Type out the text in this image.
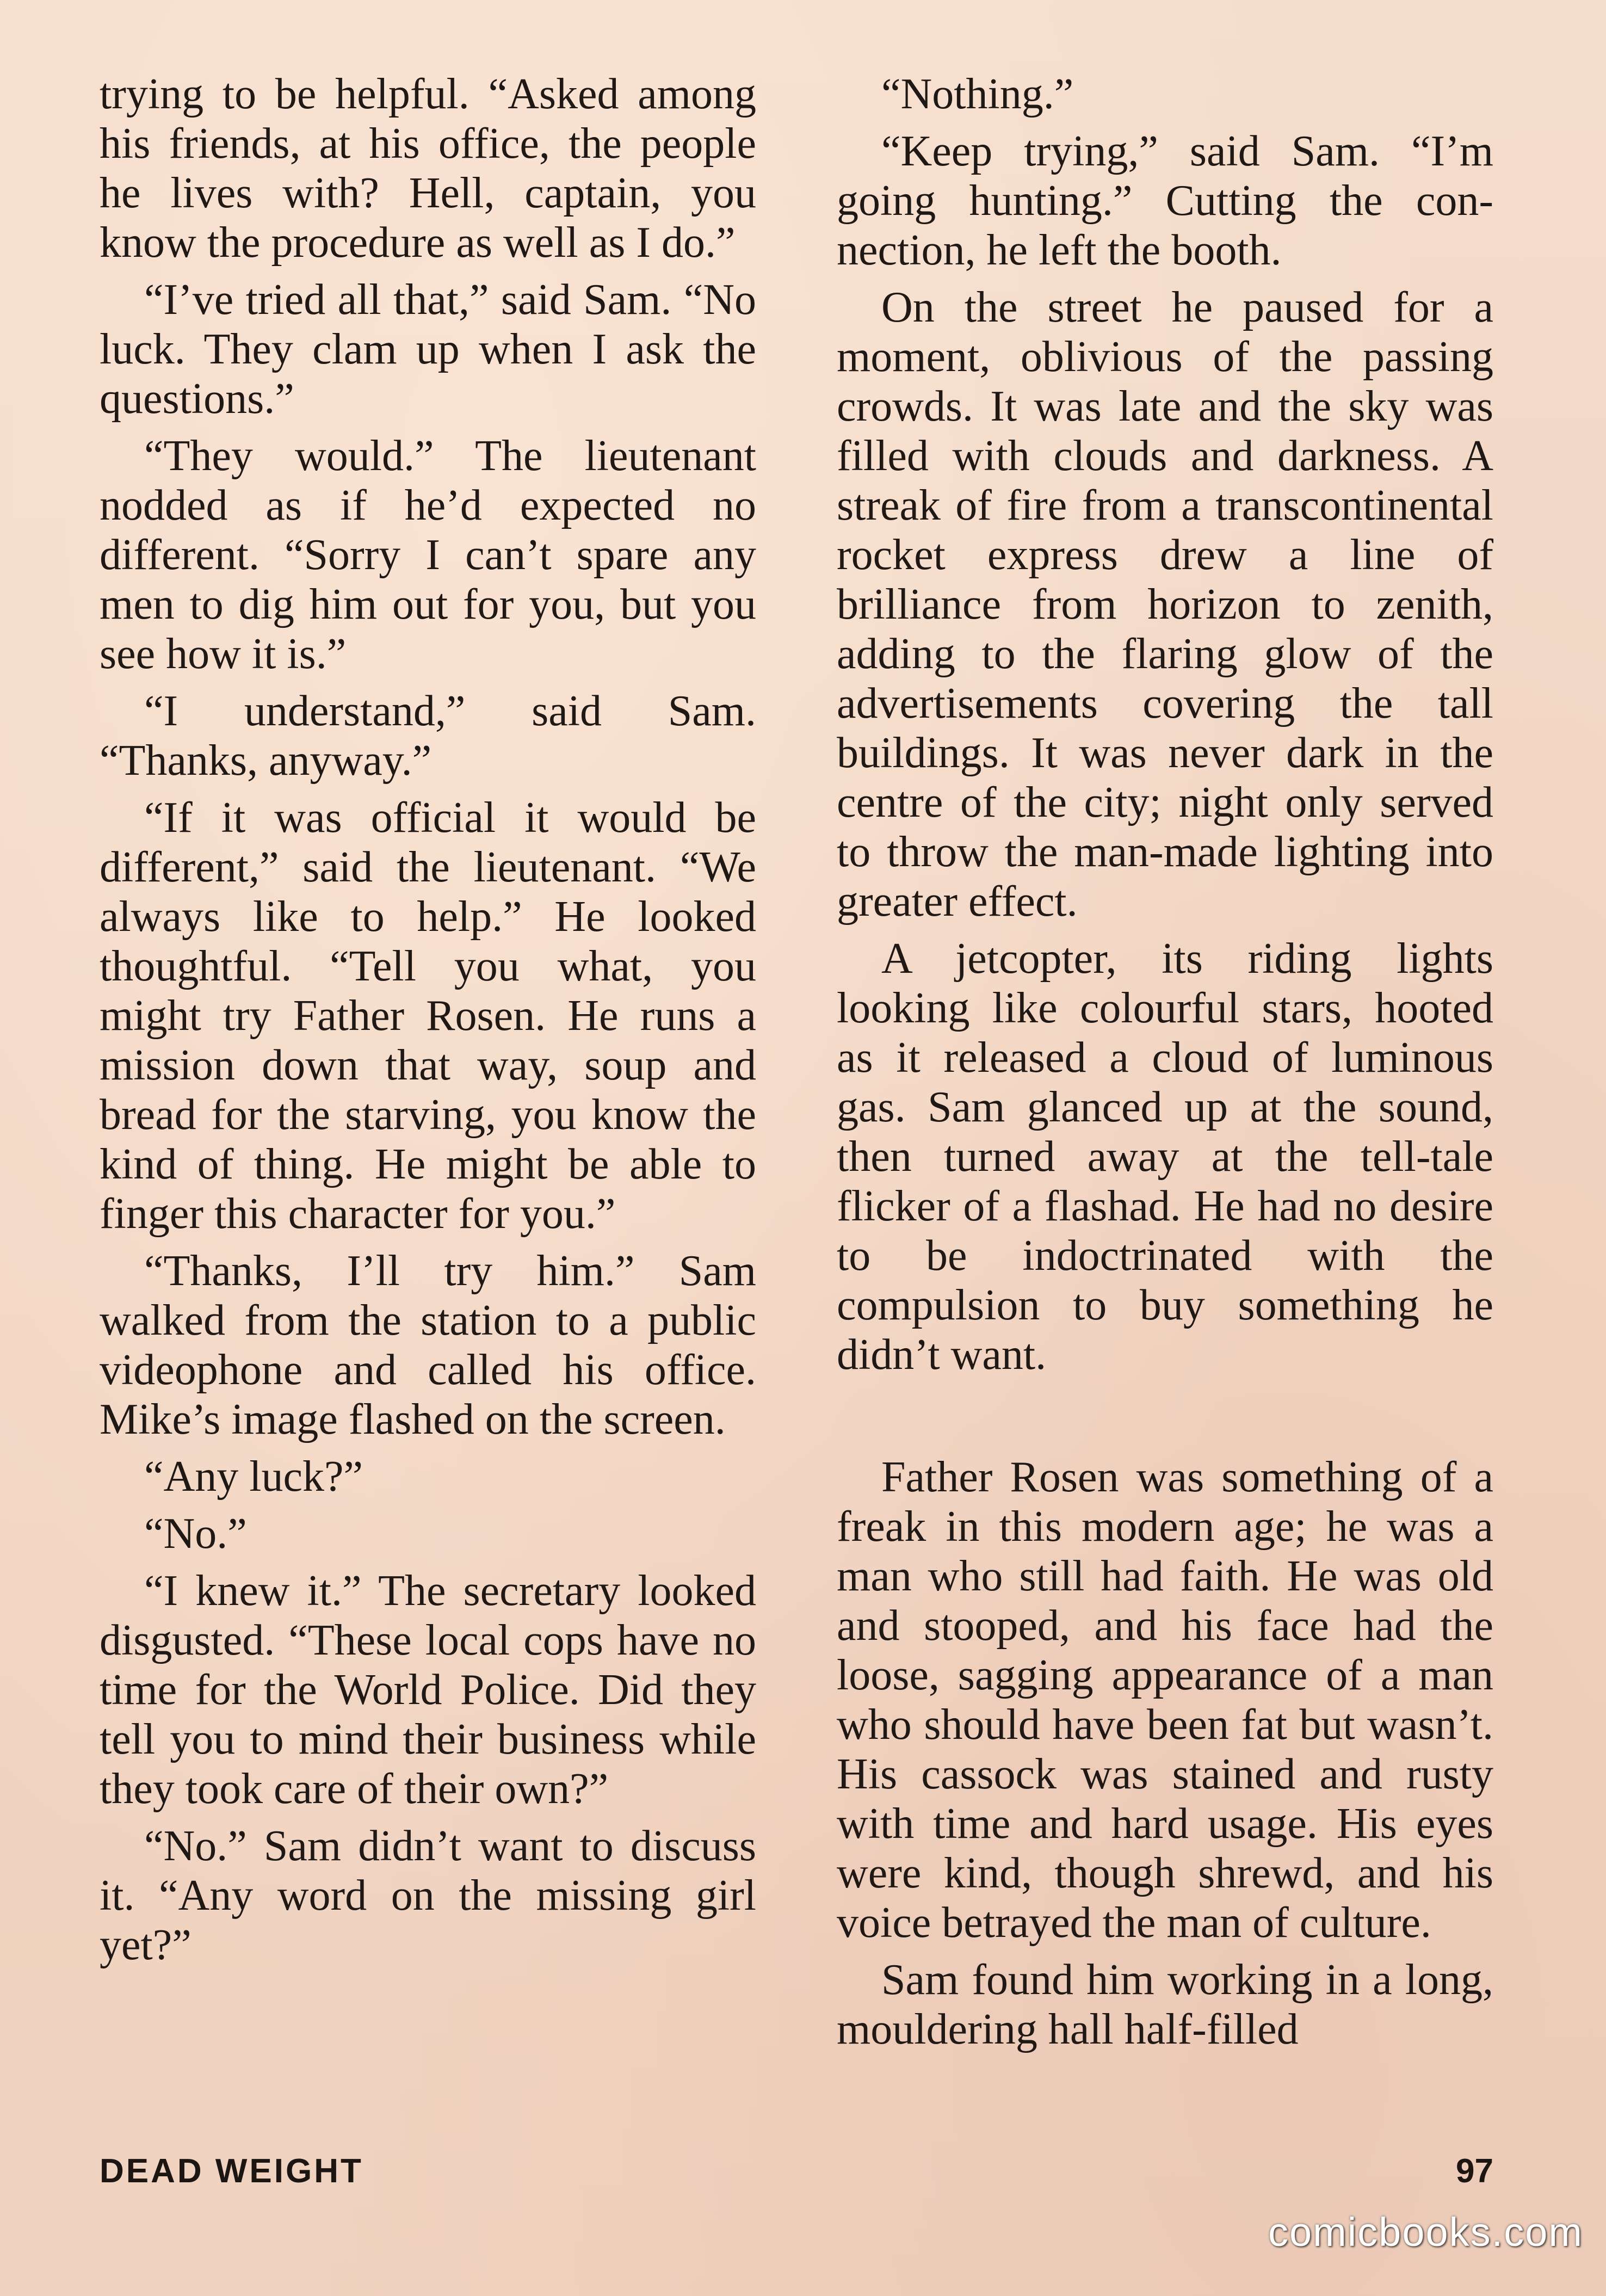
trying to be helpful. “Asked among his friends, at his office, the people he lives with? Hell, captain, you know the procedure as well as I do.”

“I’ve tried all that,” said Sam. “No luck. They clam up when I ask the questions.”

“They would.” The lieutenant nodded as if he’d expected no different. “Sorry I can’t spare any men to dig him out for you, but you see how it is.”

“I understand,” said Sam. “Thanks, anyway.”

“If it was official it would be different,” said the lieutenant. “We always like to help.” He looked thoughtful. “Tell you what, you might try Father Rosen. He runs a mission down that way, soup and bread for the starving, you know the kind of thing. He might be able to finger this character for you.”

“Thanks, I’ll try him.” Sam walked from the station to a public videophone and called his office. Mike’s image flashed on the screen.

“Any luck?”

“No.”

“I knew it.” The secretary looked disgusted. “These local cops have no time for the World Police. Did they tell you to mind their business while they took care of their own?”

“No.” Sam didn’t want to discuss it. “Any word on the missing girl yet?”

“Nothing.”

“Keep trying,” said Sam. “I’m going hunting.” Cutting the connection, he left the booth.

On the street he paused for a moment, oblivious of the passing crowds. It was late and the sky was filled with clouds and darkness. A streak of fire from a transcontinental rocket express drew a line of brilliance from horizon to zenith, adding to the flaring glow of the advertisements covering the tall buildings. It was never dark in the centre of the city; night only served to throw the man-made lighting into greater effect.

A jetcopter, its riding lights looking like colourful stars, hooted as it released a cloud of luminous gas. Sam glanced up at the sound, then turned away at the tell-tale flicker of a flashad. He had no desire to be indoctrinated with the compulsion to buy something he didn’t want.

Father Rosen was something of a freak in this modern age; he was a man who still had faith. He was old and stooped, and his face had the loose, sagging appearance of a man who should have been fat but wasn’t. His cassock was stained and rusty with time and hard usage. His eyes were kind, though shrewd, and his voice betrayed the man of culture.

Sam found him working in a long, mouldering hall half-filled

DEAD WEIGHT	97
comicbooks.com
